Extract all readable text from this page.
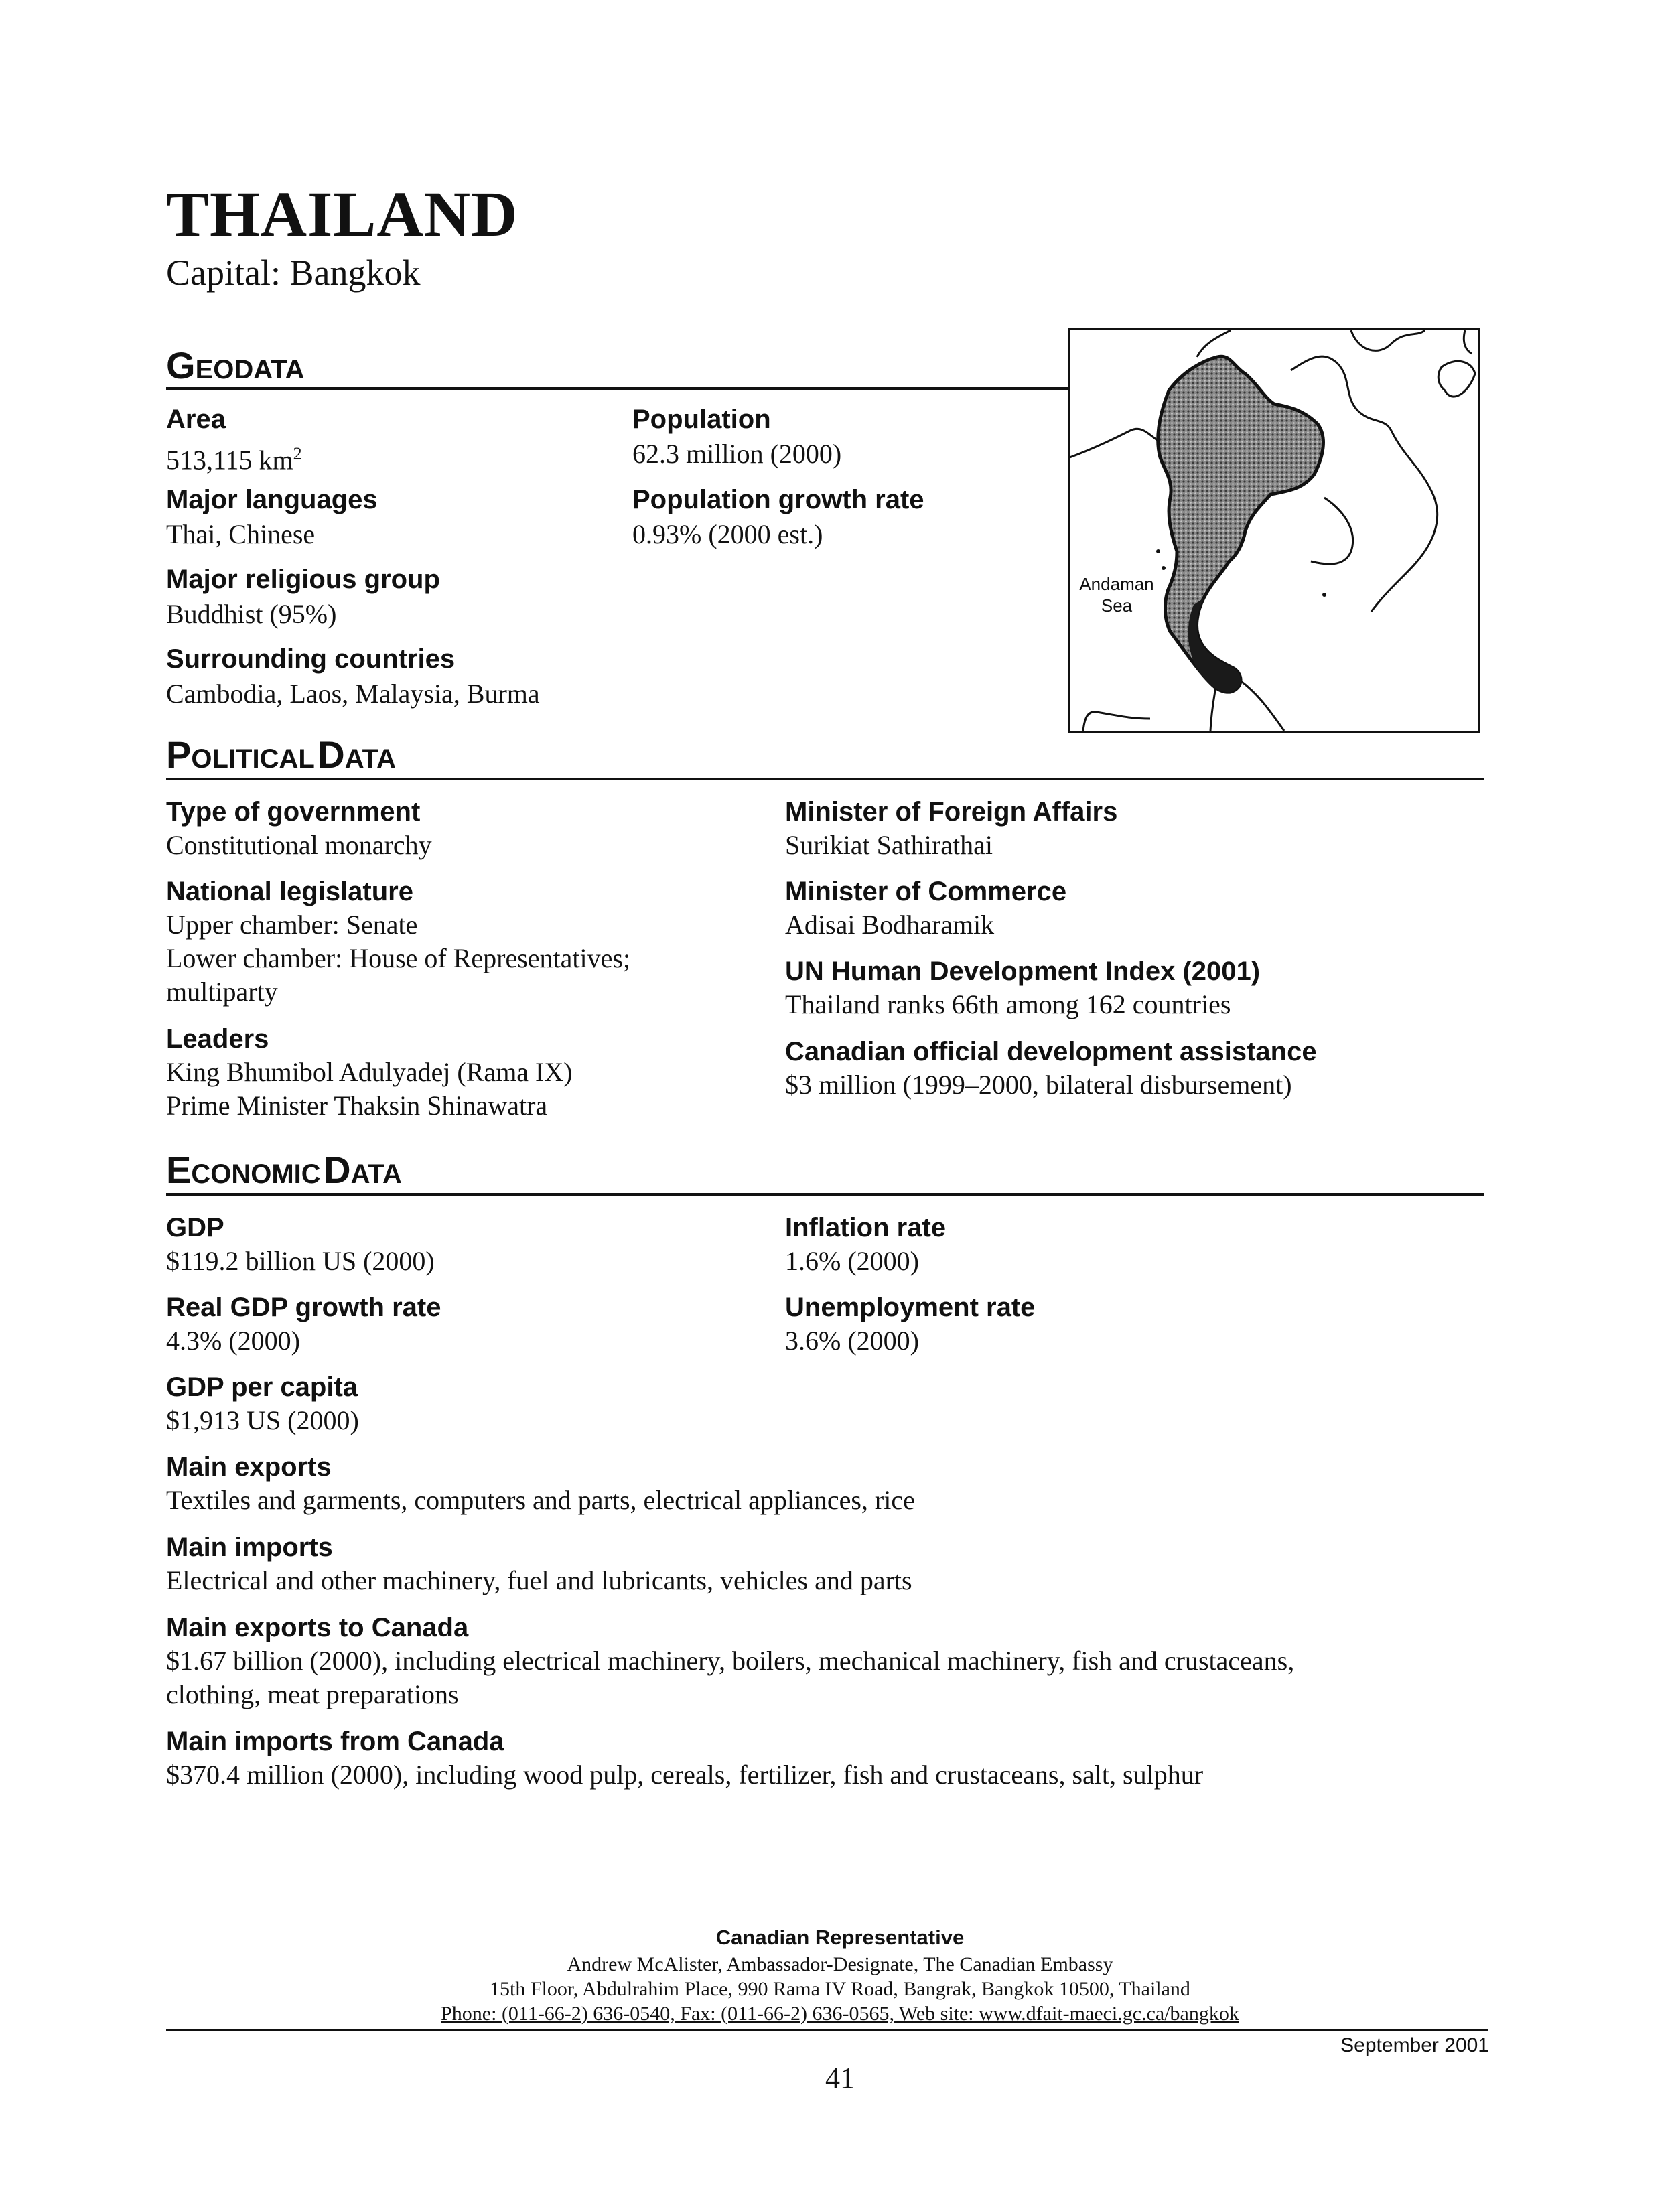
THAILAND
Capital: Bangkok
GEODATA
Area
513,115 $km^2$
Major languages
Thai, Chinese
Major religious group
Buddhist (95%)
Surrounding countries
Cambodia, Laos, Malaysia, Burma
Population
62.3 million (2000)
Population growth rate
0.93% (2000 est.)
Andaman
Sea
POLITICAL DATA
Type of government
Constitutional monarchy
National legislature
Upper chamber: Senate
Lower chamber: House of Representatives;
multiparty
Leaders
King Bhumibol Adulyadej (Rama IX)
Prime Minister Thaksin Shinawatra
Minister of Foreign Affairs
Surikiat Sathirathai
Minister of Commerce
Adisai Bodharamik
UN Human Development Index (2001)
Thailand ranks 66th among 162 countries
Canadian official development assistance
$3 million (1999–2000, bilateral disbursement)
ECONOMIC DATA
GDP
$119.2 billion US (2000)
Real GDP growth rate
4.3% (2000)
GDP per capita
$1,913 US (2000)
Inflation rate
1.6% (2000)
Unemployment rate
3.6% (2000)
Main exports
Textiles and garments, computers and parts, electrical appliances, rice
Main imports
Electrical and other machinery, fuel and lubricants, vehicles and parts
Main exports to Canada
$1.67 billion (2000), including electrical machinery, boilers, mechanical machinery, fish and crustaceans,
clothing, meat preparations
Main imports from Canada
$370.4 million (2000), including wood pulp, cereals, fertilizer, fish and crustaceans, salt, sulphur
Canadian Representative
Andrew McAlister, Ambassador-Designate, The Canadian Embassy
15th Floor, Abdulrahim Place, 990 Rama IV Road, Bangrak, Bangkok 10500, Thailand
Phone: (011-66-2) 636-0540, Fax: (011-66-2) 636-0565, Web site: www.dfait-maeci.gc.ca/bangkok
September 2001
41
